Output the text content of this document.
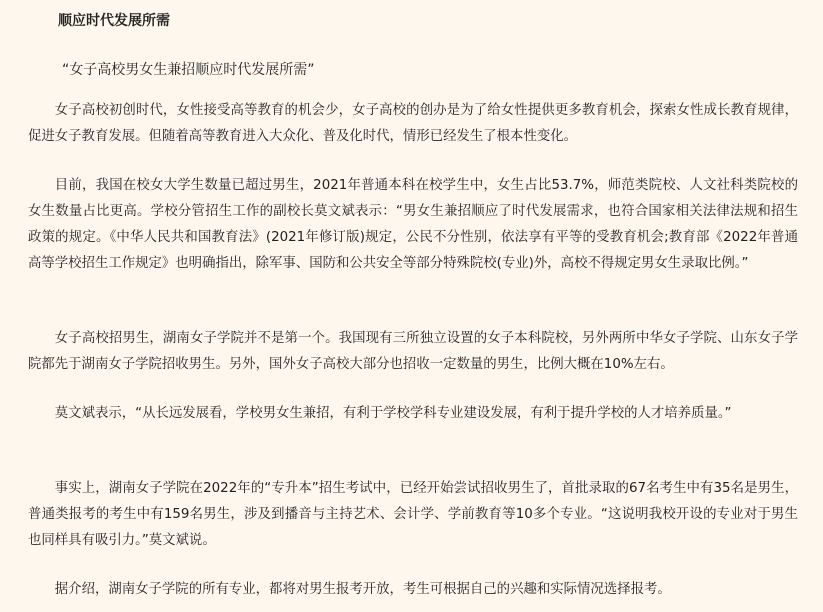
顺应时代发展所需
“女子高校男女生兼招顺应时代发展所需”

女子高校初创时代，女性接受高等教育的机会少，女子高校的创办是为了给女性提供更多教育机会，探索女性成长教育规律，促进女子教育发展。但随着高等教育进入大众化、普及化时代，情形已经发生了根本性变化。

目前，我国在校女大学生数量已超过男生，2021年普通本科在校学生中，女生占比53.7%，师范类院校、人文社科类院校的女生数量占比更高。学校分管招生工作的副校长莫文斌表示：“男女生兼招顺应了时代发展需求，也符合国家相关法律法规和招生政策的规定。《中华人民共和国教育法》(2021年修订版)规定，公民不分性别，依法享有平等的受教育机会;教育部《2022年普通高等学校招生工作规定》也明确指出，除军事、国防和公共安全等部分特殊院校(专业)外，高校不得规定男女生录取比例。”

女子高校招男生，湖南女子学院并不是第一个。我国现有三所独立设置的女子本科院校，另外两所中华女子学院、山东女子学院都先于湖南女子学院招收男生。另外，国外女子高校大部分也招收一定数量的男生，比例大概在10%左右。

莫文斌表示，“从长远发展看，学校男女生兼招，有利于学校学科专业建设发展，有利于提升学校的人才培养质量。”

事实上，湖南女子学院在2022年的“专升本”招生考试中，已经开始尝试招收男生了，首批录取的67名考生中有35名是男生，普通类报考的考生中有159名男生，涉及到播音与主持艺术、会计学、学前教育等10多个专业。“这说明我校开设的专业对于男生也同样具有吸引力。”莫文斌说。

据介绍，湖南女子学院的所有专业，都将对男生报考开放，考生可根据自己的兴趣和实际情况选择报考。
